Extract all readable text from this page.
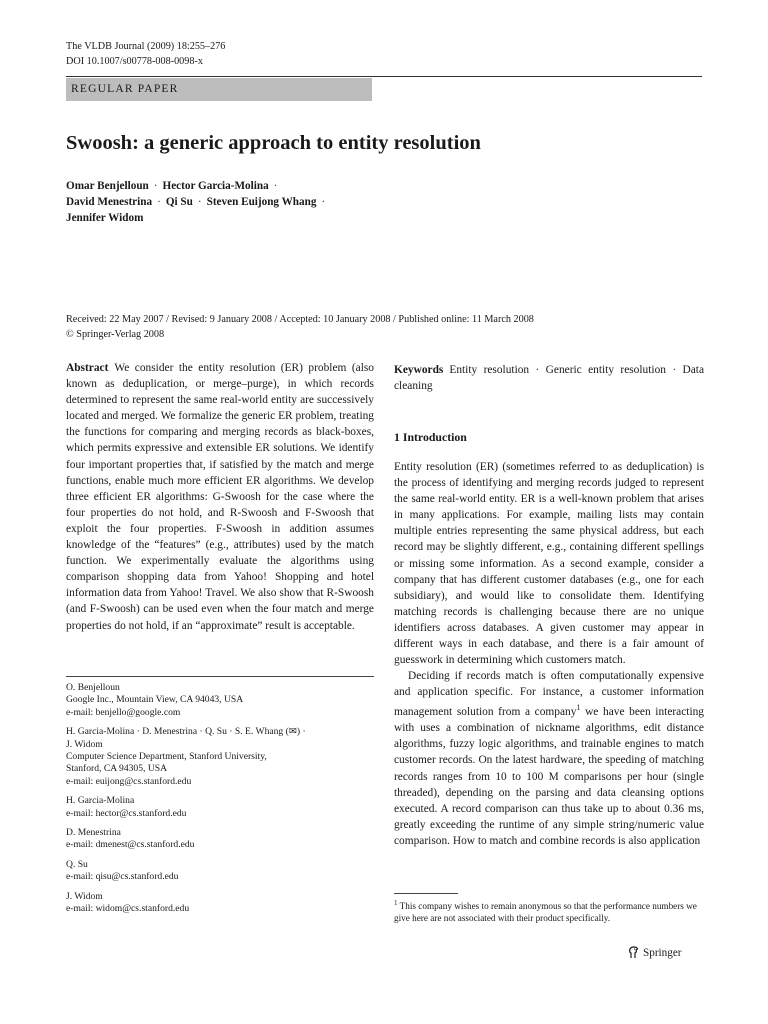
The VLDB Journal (2009) 18:255–276
DOI 10.1007/s00778-008-0098-x
REGULAR PAPER
Swoosh: a generic approach to entity resolution
Omar Benjelloun · Hector Garcia-Molina ·
David Menestrina · Qi Su · Steven Euijong Whang ·
Jennifer Widom
Received: 22 May 2007 / Revised: 9 January 2008 / Accepted: 10 January 2008 / Published online: 11 March 2008
© Springer-Verlag 2008
Abstract We consider the entity resolution (ER) problem (also known as deduplication, or merge–purge), in which records determined to represent the same real-world entity are successively located and merged. We formalize the generic ER problem, treating the functions for comparing and merging records as black-boxes, which permits expressive and extensible ER solutions. We identify four important properties that, if satisfied by the match and merge functions, enable much more efficient ER algorithms. We develop three efficient ER algorithms: G-Swoosh for the case where the four properties do not hold, and R-Swoosh and F-Swoosh that exploit the four properties. F-Swoosh in addition assumes knowledge of the “features” (e.g., attributes) used by the match function. We experimentally evaluate the algorithms using comparison shopping data from Yahoo! Shopping and hotel information data from Yahoo! Travel. We also show that R-Swoosh (and F-Swoosh) can be used even when the four match and merge properties do not hold, if an “approximate” result is acceptable.
O. Benjelloun
Google Inc., Mountain View, CA 94043, USA
e-mail: benjello@google.com
H. Garcia-Molina · D. Menestrina · Q. Su · S. E. Whang (✉) ·
J. Widom
Computer Science Department, Stanford University,
Stanford, CA 94305, USA
e-mail: euijong@cs.stanford.edu
H. Garcia-Molina
e-mail: hector@cs.stanford.edu
D. Menestrina
e-mail: dmenest@cs.stanford.edu
Q. Su
e-mail: qisu@cs.stanford.edu
J. Widom
e-mail: widom@cs.stanford.edu
Keywords Entity resolution · Generic entity resolution · Data cleaning
1 Introduction

Entity resolution (ER) (sometimes referred to as deduplication) is the process of identifying and merging records judged to represent the same real-world entity. ER is a well-known problem that arises in many applications. For example, mailing lists may contain multiple entries representing the same physical address, but each record may be slightly different, e.g., containing different spellings or missing some information. As a second example, consider a company that has different customer databases (e.g., one for each subsidiary), and would like to consolidate them. Identifying matching records is challenging because there are no unique identifiers across databases. A given customer may appear in different ways in each database, and there is a fair amount of guesswork in determining which customers match.

Deciding if records match is often computationally expensive and application specific. For instance, a customer information management solution from a company$^1$ we have been interacting with uses a combination of nickname algorithms, edit distance algorithms, fuzzy logic algorithms, and trainable engines to match customer records. On the latest hardware, the speeding of matching records ranges from 10 to 100 M comparisons per hour (single threaded), depending on the parsing and data cleansing options executed. A record comparison can thus take up to about 0.36 ms, greatly exceeding the runtime of any simple string/numeric value comparison. How to match and combine records is also application

$^1$ This company wishes to remain anonymous so that the performance numbers we give here are not associated with their product specifically.
Springer
